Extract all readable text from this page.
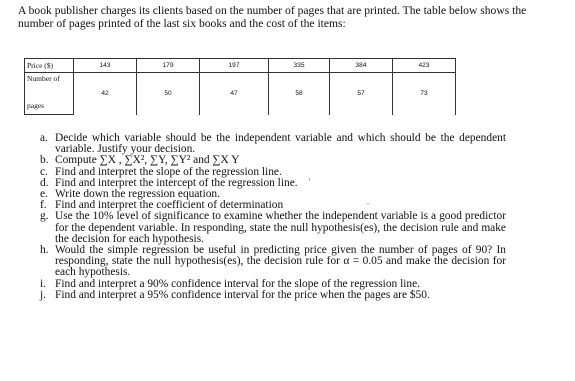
A book publisher charges its clients based on the number of pages that are printed. The table below shows the number of pages printed of the last six books and the cost of the items:

Price ($)	143	179	197	335	384	423
Number of	42	50	47	58	57	73
pages						
a. Decide which variable should be the independent variable and which should be the dependent variable. Justify your decision.
b. Compute ∑X , ∑X², ∑Y, ∑Y² and ∑X Y
c. Find and interpret the slope of the regression line.
d. Find and interpret the intercept of the regression line.
e. Write down the regression equation.
f. Find and interpret the coefficient of determination
g. Use the 10% level of significance to examine whether the independent variable is a good predictor for the dependent variable. In responding, state the null hypothesis(es), the decision rule and make the decision for each hypothesis.
h. Would the simple regression be useful in predicting price given the number of pages of 90? In responding, state the null hypothesis(es), the decision rule for α = 0.05 and make the decision for each hypothesis.
i. Find and interpret a 90% confidence interval for the slope of the regression line.
j. Find and interpret a 95% confidence interval for the price when the pages are $50.
'
.
